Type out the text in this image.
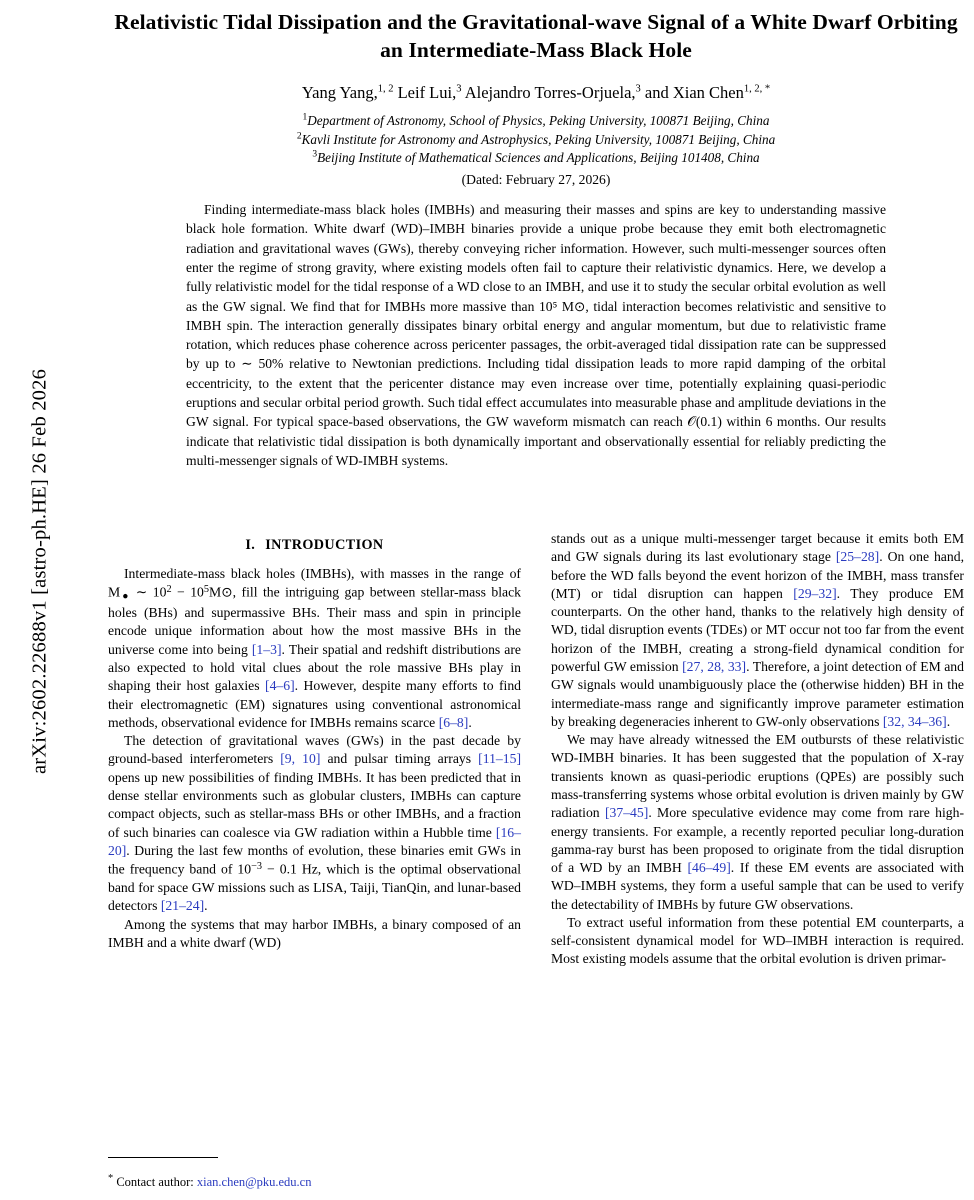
arXiv:2602.22688v1 [astro-ph.HE] 26 Feb 2026
Relativistic Tidal Dissipation and the Gravitational-wave Signal of a White Dwarf Orbiting an Intermediate-Mass Black Hole
Yang Yang,$^{1, 2}$ Leif Lui,$^3$ Alejandro Torres-Orjuela,$^3$ and Xian Chen$^{1, 2, *}$
$^1$Department of Astronomy, School of Physics, Peking University, 100871 Beijing, China
$^2$Kavli Institute for Astronomy and Astrophysics, Peking University, 100871 Beijing, China
$^3$Beijing Institute of Mathematical Sciences and Applications, Beijing 101408, China
(Dated: February 27, 2026)

Finding intermediate-mass black holes (IMBHs) and measuring their masses and spins are key to understanding massive black hole formation. White dwarf (WD)–IMBH binaries provide a unique probe because they emit both electromagnetic radiation and gravitational waves (GWs), thereby conveying richer information. However, such multi-messenger sources often enter the regime of strong gravity, where existing models often fail to capture their relativistic dynamics. Here, we develop a fully relativistic model for the tidal response of a WD close to an IMBH, and use it to study the secular orbital evolution as well as the GW signal. We find that for IMBHs more massive than 10⁵ M⊙, tidal interaction becomes relativistic and sensitive to IMBH spin. The interaction generally dissipates binary orbital energy and angular momentum, but due to relativistic frame rotation, which reduces phase coherence across pericenter passages, the orbit-averaged tidal dissipation rate can be suppressed by up to ∼ 50% relative to Newtonian predictions. Including tidal dissipation leads to more rapid damping of the orbital eccentricity, to the extent that the pericenter distance may even increase over time, potentially explaining quasi-periodic eruptions and secular orbital period growth. Such tidal effect accumulates into measurable phase and amplitude deviations in the GW signal. For typical space-based observations, the GW waveform mismatch can reach 𝒪(0.1) within 6 months. Our results indicate that relativistic tidal dissipation is both dynamically important and observationally essential for reliably predicting the multi-messenger signals of WD-IMBH systems.

I. INTRODUCTION

Intermediate-mass black holes (IMBHs), with masses in the range of $M_●$ ∼ $10^2$ − $10^5M⊙$, fill the intriguing gap between stellar-mass black holes (BHs) and supermassive BHs. Their mass and spin in principle encode unique information about how the most massive BHs in the universe come into being [1–3]. Their spatial and redshift distributions are also expected to hold vital clues about the role massive BHs play in shaping their host galaxies [4–6]. However, despite many efforts to find their electromagnetic (EM) signatures using conventional astronomical methods, observational evidence for IMBHs remains scarce [6–8].

The detection of gravitational waves (GWs) in the past decade by ground-based interferometers [9, 10] and pulsar timing arrays [11–15] opens up new possibilities of finding IMBHs. It has been predicted that in dense stellar environments such as globular clusters, IMBHs can capture compact objects, such as stellar-mass BHs or other IMBHs, and a fraction of such binaries can coalesce via GW radiation within a Hubble time [16–20]. During the last few months of evolution, these binaries emit GWs in the frequency band of $10^{-3} - 0.1$ Hz, which is the optimal observational band for space GW missions such as LISA, Taiji, TianQin, and lunar-based detectors [21–24].

Among the systems that may harbor IMBHs, a binary composed of an IMBH and a white dwarf (WD)

* Contact author: xian.chen@pku.edu.cn

stands out as a unique multi-messenger target because it emits both EM and GW signals during its last evolutionary stage [25–28]. On one hand, before the WD falls beyond the event horizon of the IMBH, mass transfer (MT) or tidal disruption can happen [29–32]. They produce EM counterparts. On the other hand, thanks to the relatively high density of WD, tidal disruption events (TDEs) or MT occur not too far from the event horizon of the IMBH, creating a strong-field dynamical condition for powerful GW emission [27, 28, 33]. Therefore, a joint detection of EM and GW signals would unambiguously place the (otherwise hidden) BH in the intermediate-mass range and significantly improve parameter estimation by breaking degeneracies inherent to GW-only observations [32, 34–36].

We may have already witnessed the EM outbursts of these relativistic WD-IMBH binaries. It has been suggested that the population of X-ray transients known as quasi-periodic eruptions (QPEs) are possibly such mass-transferring systems whose orbital evolution is driven mainly by GW radiation [37–45]. More speculative evidence may come from rare high-energy transients. For example, a recently reported peculiar long-duration gamma-ray burst has been proposed to originate from the tidal disruption of a WD by an IMBH [46–49]. If these EM events are associated with WD–IMBH systems, they form a useful sample that can be used to verify the detectability of IMBHs by future GW observations.

To extract useful information from these potential EM counterparts, a self-consistent dynamical model for WD–IMBH interaction is required. Most existing models assume that the orbital evolution is driven primar-
